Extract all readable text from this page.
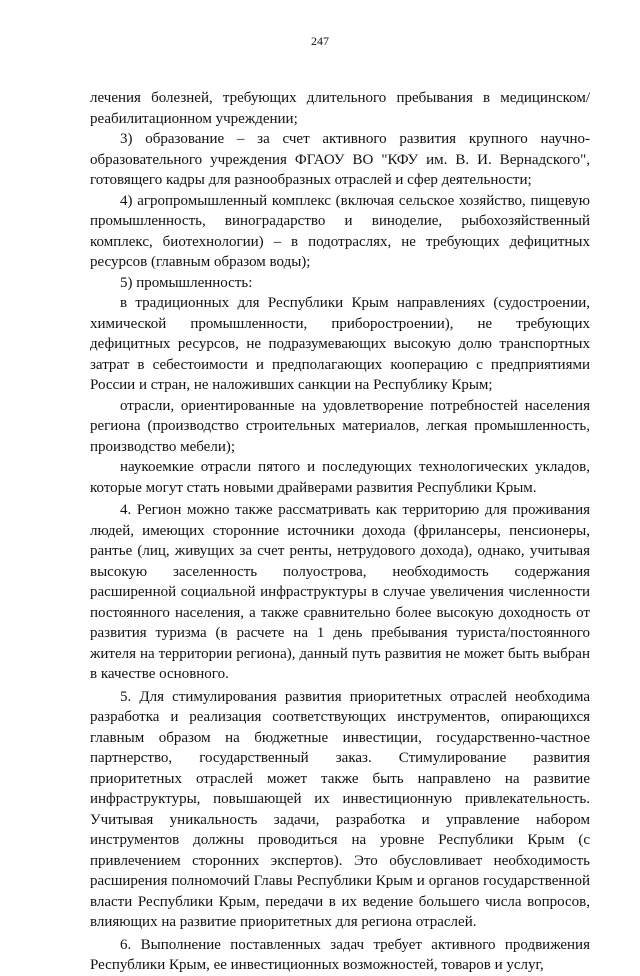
247

лечения болезней, требующих длительного пребывания в медицинском/реабилитационном учреждении;

3) образование – за счет активного развития крупного научно-образовательного учреждения ФГАОУ ВО "КФУ им. В. И. Вернадского", готовящего кадры для разнообразных отраслей и сфер деятельности;

4) агропромышленный комплекс (включая сельское хозяйство, пищевую промышленность, виноградарство и виноделие, рыбохозяйственный комплекс, биотехнологии) – в подотраслях, не требующих дефицитных ресурсов (главным образом воды);

5) промышленность:

в традиционных для Республики Крым направлениях (судостроении, химической промышленности, приборостроении), не требующих дефицитных ресурсов, не подразумевающих высокую долю транспортных затрат в себестоимости и предполагающих кооперацию с предприятиями России и стран, не наложивших санкции на Республику Крым;

отрасли, ориентированные на удовлетворение потребностей населения региона (производство строительных материалов, легкая промышленность, производство мебели);

наукоемкие отрасли пятого и последующих технологических укладов, которые могут стать новыми драйверами развития Республики Крым.

4. Регион можно также рассматривать как территорию для проживания людей, имеющих сторонние источники дохода (фрилансеры, пенсионеры, рантье (лиц, живущих за счет ренты, нетрудового дохода), однако, учитывая высокую заселенность полуострова, необходимость содержания расширенной социальной инфраструктуры в случае увеличения численности постоянного населения, а также сравнительно более высокую доходность от развития туризма (в расчете на 1 день пребывания туриста/постоянного жителя на территории региона), данный путь развития не может быть выбран в качестве основного.

5. Для стимулирования развития приоритетных отраслей необходима разработка и реализация соответствующих инструментов, опирающихся главным образом на бюджетные инвестиции, государственно-частное партнерство, государственный заказ. Стимулирование развития приоритетных отраслей может также быть направлено на развитие инфраструктуры, повышающей их инвестиционную привлекательность. Учитывая уникальность задачи, разработка и управление набором инструментов должны проводиться на уровне Республики Крым (с привлечением сторонних экспертов). Это обусловливает необходимость расширения полномочий Главы Республики Крым и органов государственной власти Республики Крым, передачи в их ведение большего числа вопросов, влияющих на развитие приоритетных для региона отраслей.

6. Выполнение поставленных задач требует активного продвижения Республики Крым, ее инвестиционных возможностей, товаров и услуг,
